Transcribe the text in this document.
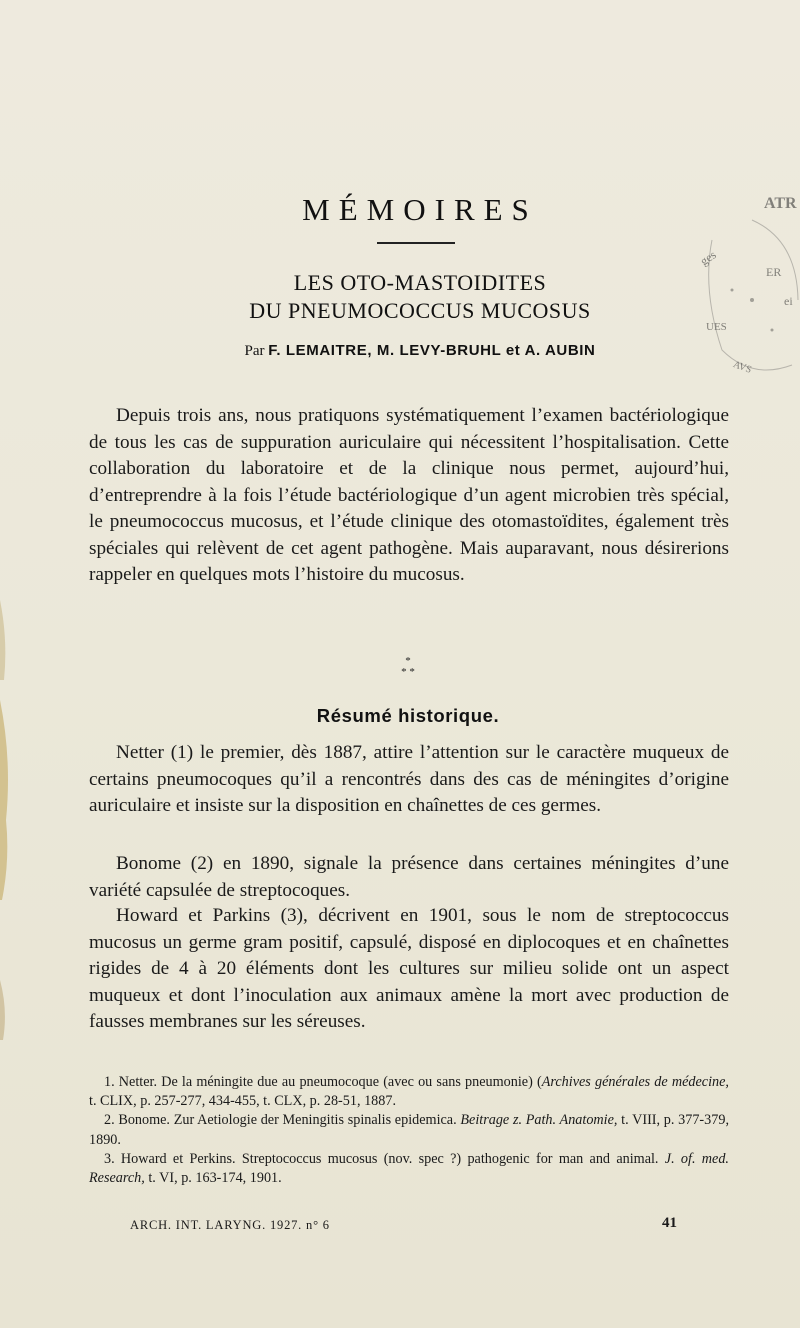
MÉMOIRES
LES OTO-MASTOIDITES
DU PNEUMOCOCCUS MUCOSUS
Par F. LEMAITRE, M. LEVY-BRUHL et A. AUBIN
ATR
ges
ER
ei
UES
AVS

Depuis trois ans, nous pratiquons systématiquement l’examen bactériologique de tous les cas de suppuration auriculaire qui nécessitent l’hospitalisation. Cette collaboration du laboratoire et de la clinique nous permet, aujourd’hui, d’entreprendre à la fois l’étude bactériologique d’un agent microbien très spécial, le pneumococcus mucosus, et l’étude clinique des otomastoïdites, également très spéciales qui relèvent de cet agent pathogène. Mais auparavant, nous désirerions rappeler en quelques mots l’histoire du mucosus.

*
* *
Résumé historique.

Netter (1) le premier, dès 1887, attire l’attention sur le caractère muqueux de certains pneumocoques qu’il a rencontrés dans des cas de méningites d’origine auriculaire et insiste sur la disposition en chaînettes de ces germes.

Bonome (2) en 1890, signale la présence dans certaines méningites d’une variété capsulée de streptocoques.

Howard et Parkins (3), décrivent en 1901, sous le nom de streptococcus mucosus un germe gram positif, capsulé, disposé en diplocoques et en chaînettes rigides de 4 à 20 éléments dont les cultures sur milieu solide ont un aspect muqueux et dont l’inoculation aux animaux amène la mort avec production de fausses membranes sur les séreuses.

1. Netter. De la méningite due au pneumocoque (avec ou sans pneumonie) (Archives générales de médecine, t. CLIX, p. 257-277, 434-455, t. CLX, p. 28-51, 1887.

2. Bonome. Zur Aetiologie der Meningitis spinalis epidemica. Beitrage z. Path. Anatomie, t. VIII, p. 377-379, 1890.

3. Howard et Perkins. Streptococcus mucosus (nov. spec ?) pathogenic for man and animal. J. of. med. Research, t. VI, p. 163-174, 1901.

ARCH. INT. LARYNG. 1927. n° 6	41
